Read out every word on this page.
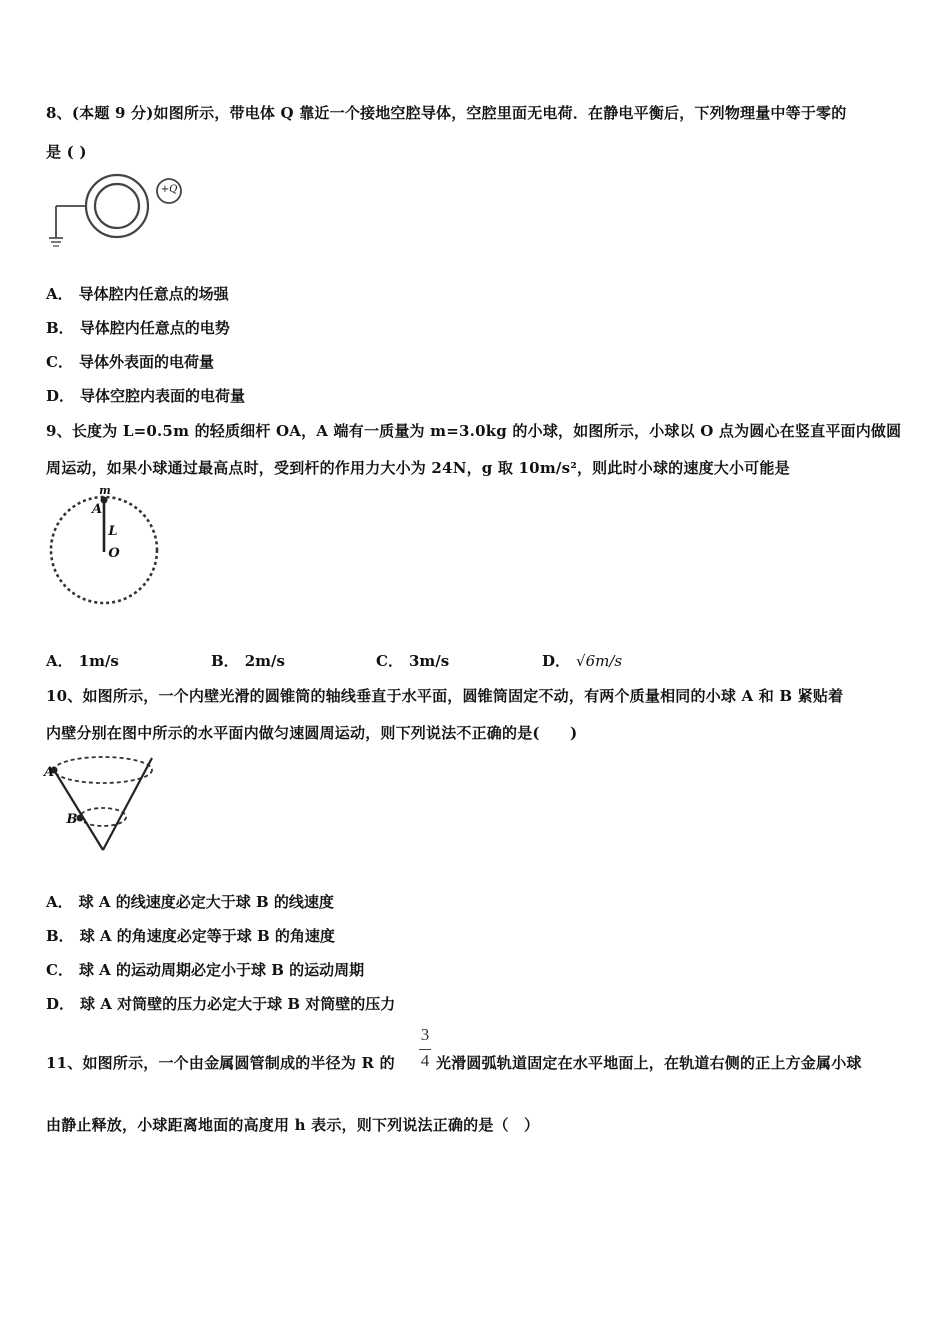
8、(本题 9 分)如图所示，带电体 Q 靠近一个接地空腔导体，空腔里面无电荷．在静电平衡后，下列物理量中等于零的
是 ( )
+Q
A． 导体腔内任意点的场强
B． 导体腔内任意点的电势
C． 导体外表面的电荷量
D． 导体空腔内表面的电荷量
9、长度为 L=0.5m 的轻质细杆 OA，A 端有一质量为 m=3.0kg 的小球，如图所示，小球以 O 点为圆心在竖直平面内做圆
周运动，如果小球通过最高点时，受到杆的作用力大小为 24N，g 取 10m/s²，则此时小球的速度大小可能是
m
A
L
O
A． 1m/s	B． 2m/s	C． 3m/s	D． √6m/s
10、如图所示，一个内壁光滑的圆锥筒的轴线垂直于水平面，圆锥筒固定不动，有两个质量相同的小球 A 和 B 紧贴着
内壁分别在图中所示的水平面内做匀速圆周运动，则下列说法不正确的是(　　)
A
B
A． 球 A 的线速度必定大于球 B 的线速度
B． 球 A 的角速度必定等于球 B 的角速度
C． 球 A 的运动周期必定小于球 B 的运动周期
D． 球 A 对筒壁的压力必定大于球 B 对筒壁的压力
11、如图所示，一个由金属圆管制成的半径为 R 的
3
4 光滑圆弧轨道固定在水平地面上，在轨道右侧的正上方金属小球
由静止释放，小球距离地面的高度用 h 表示，则下列说法正确的是（　）
